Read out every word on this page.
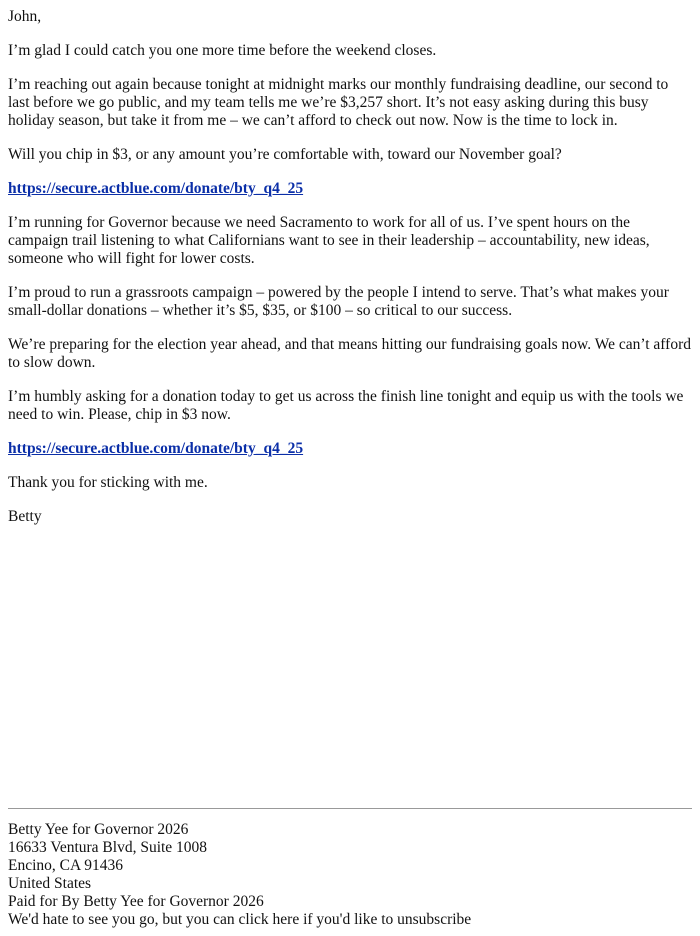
John,

I’m glad I could catch you one more time before the weekend closes.

I’m reaching out again because tonight at midnight marks our monthly fundraising deadline, our second to last before we go public, and my team tells me we’re $3,257 short. It’s not easy asking during this busy holiday season, but take it from me – we can’t afford to check out now. Now is the time to lock in.

Will you chip in $3, or any amount you’re comfortable with, toward our November goal?

https://secure.actblue.com/donate/bty_q4_25

I’m running for Governor because we need Sacramento to work for all of us. I’ve spent hours on the campaign trail listening to what Californians want to see in their leadership – accountability, new ideas, someone who will fight for lower costs.

I’m proud to run a grassroots campaign – powered by the people I intend to serve. That’s what makes your small-dollar donations – whether it’s $5, $35, or $100 – so critical to our success.

We’re preparing for the election year ahead, and that means hitting our fundraising goals now. We can’t afford to slow down.

I’m humbly asking for a donation today to get us across the finish line tonight and equip us with the tools we need to win. Please, chip in $3 now.

https://secure.actblue.com/donate/bty_q4_25

Thank you for sticking with me.

Betty

Betty Yee for Governor 2026
16633 Ventura Blvd, Suite 1008
Encino, CA 91436
United States
Paid for By Betty Yee for Governor 2026
We'd hate to see you go, but you can click here if you'd like to unsubscribe
